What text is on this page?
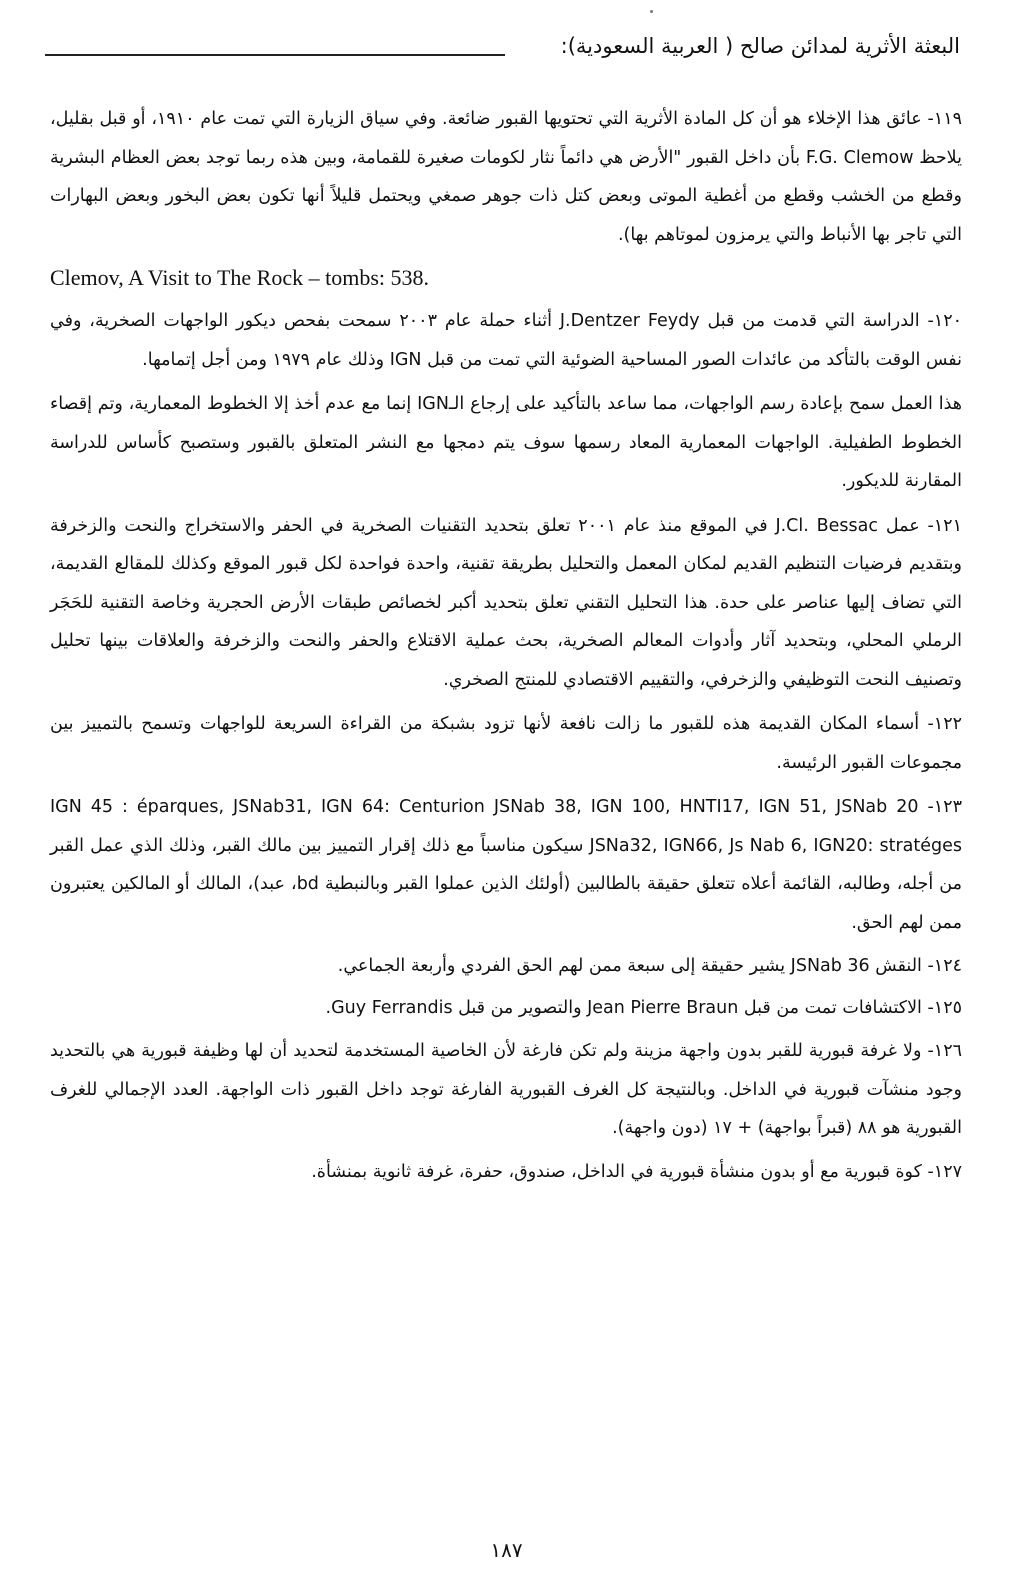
البعثة الأثرية لمدائن صالح ( العربية السعودية):

١١٩- عائق هذا الإخلاء هو أن كل المادة الأثرية التي تحتويها القبور ضائعة. وفي سياق الزيارة التي تمت عام ١٩١٠، أو قبل بقليل، يلاحظ F.G. Clemow بأن داخل القبور "الأرض هي دائماً نثار لكومات صغيرة للقمامة، وبين هذه ربما توجد بعض العظام البشرية وقطع من الخشب وقطع من أغطية الموتى وبعض كتل ذات جوهر صمغي ويحتمل قليلاً أنها تكون بعض البخور وبعض البهارات التي تاجر بها الأنباط والتي يرمزون لموتاهم بها).

Clemov, A Visit to The Rock – tombs: 538.

١٢٠- الدراسة التي قدمت من قبل J.Dentzer Feydy أثناء حملة عام ٢٠٠٣ سمحت بفحص ديكور الواجهات الصخرية، وفي نفس الوقت بالتأكد من عائدات الصور المساحية الضوئية التي تمت من قبل IGN وذلك عام ١٩٧٩ ومن أجل إتمامها.

هذا العمل سمح بإعادة رسم الواجهات، مما ساعد بالتأكيد على إرجاع الـIGN إنما مع عدم أخذ إلا الخطوط المعمارية، وتم إقصاء الخطوط الطفيلية. الواجهات المعمارية المعاد رسمها سوف يتم دمجها مع النشر المتعلق بالقبور وستصبح كأساس للدراسة المقارنة للديكور.

١٢١- عمل J.Cl. Bessac في الموقع منذ عام ٢٠٠١ تعلق بتحديد التقنيات الصخرية في الحفر والاستخراج والنحت والزخرفة وبتقديم فرضيات التنظيم القديم لمكان المعمل والتحليل بطريقة تقنية، واحدة فواحدة لكل قبور الموقع وكذلك للمقالع القديمة، التي تضاف إليها عناصر على حدة. هذا التحليل التقني تعلق بتحديد أكبر لخصائص طبقات الأرض الحجرية وخاصة التقنية للحَجَر الرملي المحلي، وبتحديد آثار وأدوات المعالم الصخرية، بحث عملية الاقتلاع والحفر والنحت والزخرفة والعلاقات بينها تحليل وتصنيف النحت التوظيفي والزخرفي، والتقييم الاقتصادي للمنتج الصخري.

١٢٢- أسماء المكان القديمة هذه للقبور ما زالت نافعة لأنها تزود بشبكة من القراءة السريعة للواجهات وتسمح بالتمييز بين مجموعات القبور الرئيسة.

١٢٣- IGN 45 : éparques, JSNab31, IGN 64: Centurion JSNab 38, IGN 100, HNTI17, IGN 51, JSNab 20 JSNa32, IGN66, Js Nab 6, IGN20: stratéges سيكون مناسباً مع ذلك إقرار التمييز بين مالك القبر، وذلك الذي عمل القبر من أجله، وطالبه، القائمة أعلاه تتعلق حقيقة بالطالبين (أولئك الذين عملوا القبر وبالنبطية bd، عبد)، المالك أو المالكين يعتبرون ممن لهم الحق.

١٢٤- النقش JSNab 36 يشير حقيقة إلى سبعة ممن لهم الحق الفردي وأربعة الجماعي.

١٢٥- الاكتشافات تمت من قبل Jean Pierre Braun والتصوير من قبل Guy Ferrandis.

١٢٦- ولا غرفة قبورية للقبر بدون واجهة مزينة ولم تكن فارغة لأن الخاصية المستخدمة لتحديد أن لها وظيفة قبورية هي بالتحديد وجود منشآت قبورية في الداخل. وبالنتيجة كل الغرف القبورية الفارغة توجد داخل القبور ذات الواجهة. العدد الإجمالي للغرف القبورية هو ٨٨ (قبراً بواجهة) + ١٧ (دون واجهة).

١٢٧- كوة قبورية مع أو بدون منشأة قبورية في الداخل، صندوق، حفرة، غرفة ثانوية بمنشأة.

١٨٧
